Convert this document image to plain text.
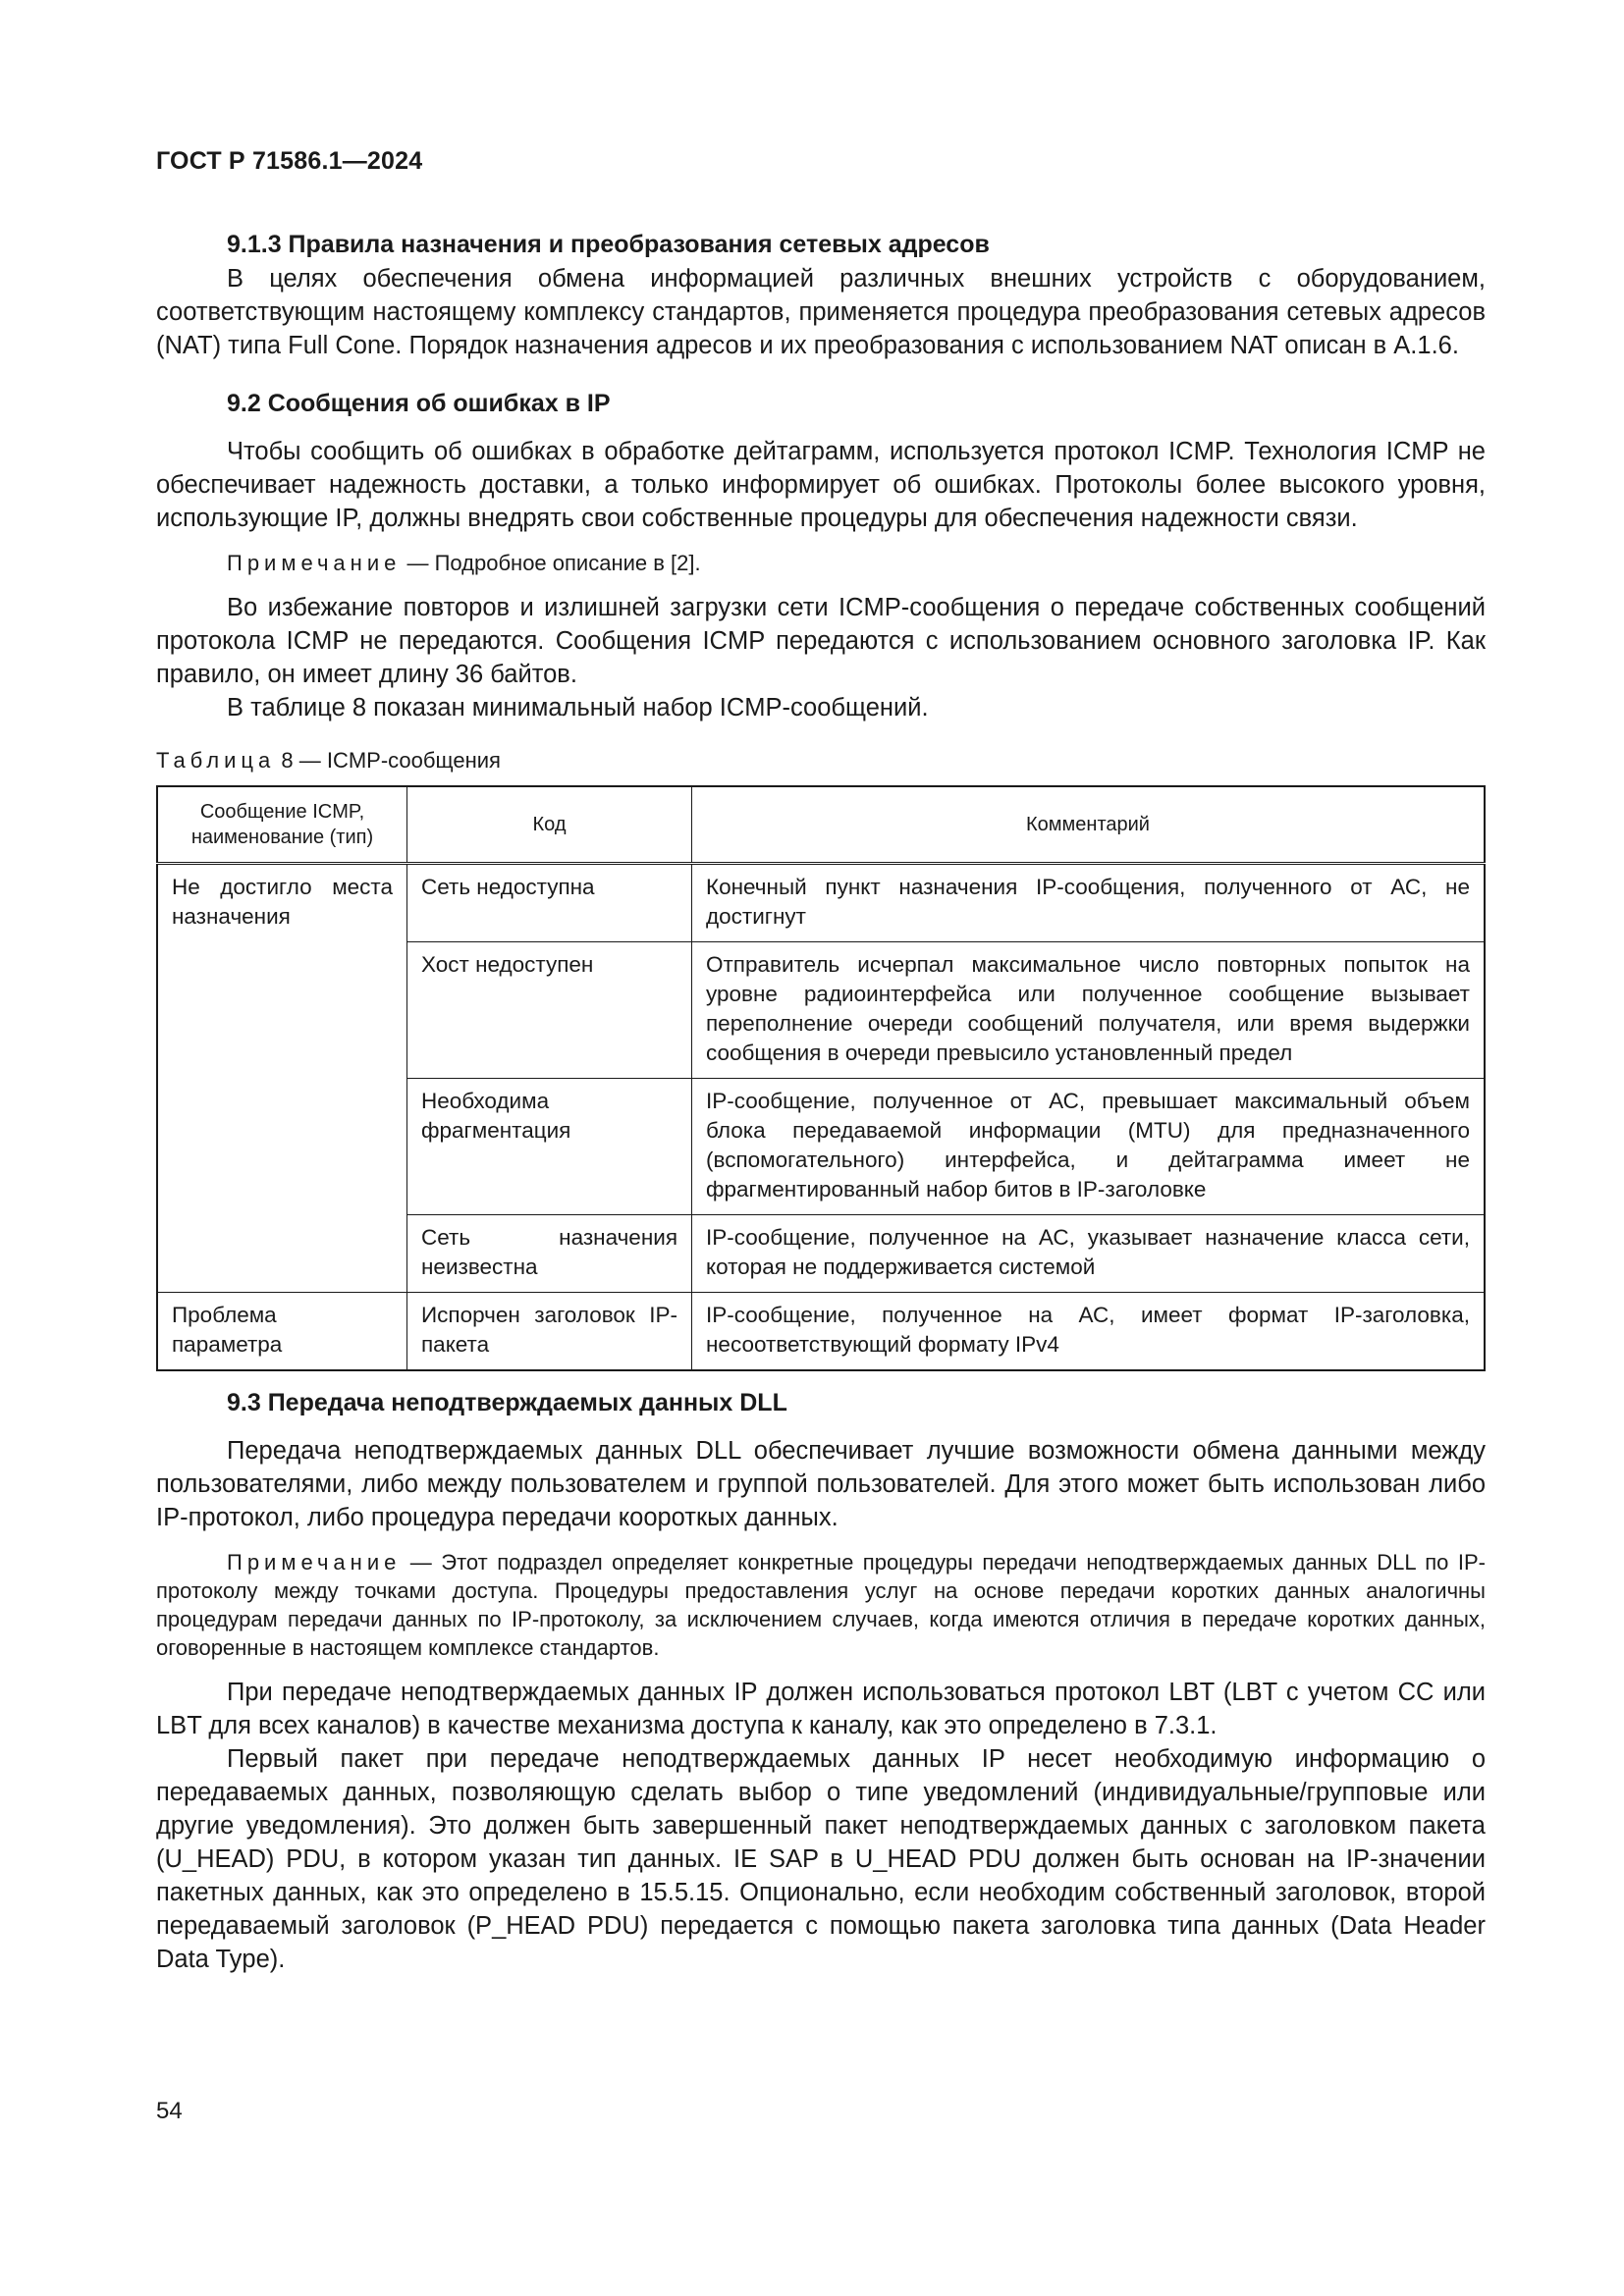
ГОСТ Р 71586.1—2024
9.1.3 Правила назначения и преобразования сетевых адресов

В целях обеспечения обмена информацией различных внешних устройств с оборудованием, соответствующим настоящему комплексу стандартов, применяется процедура преобразования сетевых адресов (NAT) типа Full Cone. Порядок назначения адресов и их преобразования с использованием NAT описан в А.1.6.

9.2 Сообщения об ошибках в IP

Чтобы сообщить об ошибках в обработке дейтаграмм, используется протокол ICMP. Технология ICMP не обеспечивает надежность доставки, а только информирует об ошибках. Протоколы более высокого уровня, использующие IP, должны внедрять свои собственные процедуры для обеспечения надежности связи.

Примечание — Подробное описание в [2].

Во избежание повторов и излишней загрузки сети ICMP-сообщения о передаче собственных сообщений протокола ICMP не передаются. Сообщения ICMP передаются с использованием основного заголовка IP. Как правило, он имеет длину 36 байтов.

В таблице 8 показан минимальный набор ICMP-сообщений.

Таблица 8 — ICMP-сообщения
Сообщение ICMP, наименование (тип)	Код	Комментарий
Не достигло места назначения	Сеть недоступна	Конечный пункт назначения IP-сообщения, полученного от АС, не достигнут
	Хост недоступен	Отправитель исчерпал максимальное число повторных попыток на уровне радиоинтерфейса или полученное сообщение вызывает переполнение очереди сообщений получателя, или время выдержки сообщения в очереди превысило установленный предел
	Необходима фрагментация	IP-сообщение, полученное от АС, превышает максимальный объем блока передаваемой информации (MTU) для предназначенного (вспомогательного) интерфейса, и дейтаграмма имеет не фрагментированный набор битов в IP-заголовке
	Сеть назначения неизвестна	IP-сообщение, полученное на АС, указывает назначение класса сети, которая не поддерживается системой
Проблема параметра	Испорчен заголовок IP-пакета	IP-сообщение, полученное на АС, имеет формат IP-заголовка, несоответствующий формату IPv4
9.3 Передача неподтверждаемых данных DLL

Передача неподтверждаемых данных DLL обеспечивает лучшие возможности обмена данными между пользователями, либо между пользователем и группой пользователей. Для этого может быть использован либо IP-протокол, либо процедура передачи коороткых данных.

Примечание — Этот подраздел определяет конкретные процедуры передачи неподтверждаемых данных DLL по IP-протоколу между точками доступа. Процедуры предоставления услуг на основе передачи коротких данных аналогичны процедурам передачи данных по IP-протоколу, за исключением случаев, когда имеются отличия в передаче коротких данных, оговоренные в настоящем комплексе стандартов.

При передаче неподтверждаемых данных IP должен использоваться протокол LBT (LBT с учетом CC или LBT для всех каналов) в качестве механизма доступа к каналу, как это определено в 7.3.1.

Первый пакет при передаче неподтверждаемых данных IP несет необходимую информацию о передаваемых данных, позволяющую сделать выбор о типе уведомлений (индивидуальные/групповые или другие уведомления). Это должен быть завершенный пакет неподтверждаемых данных с заголовком пакета (U_HEAD) PDU, в котором указан тип данных. IE SAP в U_HEAD PDU должен быть основан на IP-значении пакетных данных, как это определено в 15.5.15. Опционально, если необходим собственный заголовок, второй передаваемый заголовок (P_HEAD PDU) передается с помощью пакета заголовка типа данных (Data Header Data Type).

54
